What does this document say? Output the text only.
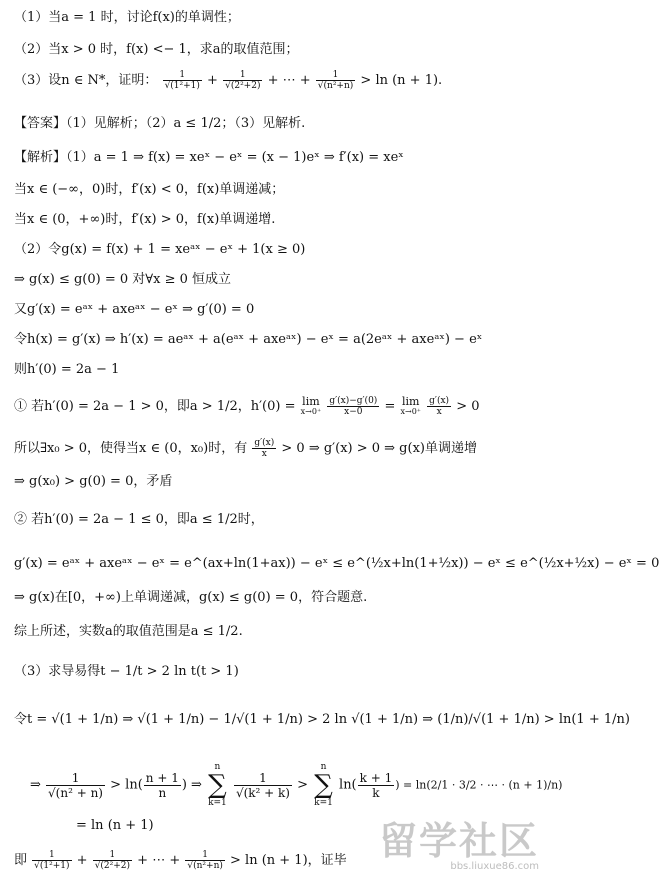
（1）当a = 1 时，讨论f(x)的单调性；
（2）当x > 0 时，f(x) <− 1，求a的取值范围；
（3）设n ∈ N*，证明： $\frac{1}{\text{√(1²+1)}} + \frac{1}{\text{√(2²+2)}}$ + ⋯ + $\frac{1}{\text{√(n²+n)}} > \ln (n + 1)$.
【答案】（1）见解析；（2）a ≤ 1/2；（3）见解析.
【解析】（1）a = 1 ⇒ f(x) = xeˣ − eˣ = (x − 1)eˣ ⇒ f′(x) = xeˣ
当x ∈ (−∞，0)时，f′(x) < 0，f(x)单调递减；
当x ∈ (0，+∞)时，f′(x) > 0，f(x)单调递增.
（2）令g(x) = f(x) + 1 = xeᵃˣ − eˣ + 1(x ≥ 0)
⇒ g(x) ≤ g(0) = 0 对∀x ≥ 0 恒成立
又g′(x) = eᵃˣ + axeᵃˣ − eˣ ⇒ g′(0) = 0
令h(x) = g′(x) ⇒ h′(x) = aeᵃˣ + a(eᵃˣ + axeᵃˣ) − eˣ = a(2eᵃˣ + axeᵃˣ) − eˣ
则h′(0) = 2a − 1
① 若h′(0) = 2a − 1 > 0，即a > 1/2，h′(0) = lim
x→0⁺
$\frac{g'(x)-g'(0)}{x-0} = \lim$
x→0⁺
$\frac{g'(x)}{x} > 0$
所以∃x₀ > 0，使得当x ∈ (0，x₀)时，有 $\frac{g'(x)}{x} > 0$ ⇒ g′(x) > 0 ⇒ g(x)单调递增
⇒ g(x₀) > g(0) = 0，矛盾
② 若h′(0) = 2a − 1 ≤ 0，即a ≤ 1/2时，
g′(x) = eᵃˣ + axeᵃˣ − eˣ = e^(ax+ln(1+ax)) − eˣ ≤ e^(½x+ln(1+½x)) − eˣ ≤ e^(½x+½x) − eˣ = 0
⇒ g(x)在[0，+∞)上单调递减，g(x) ≤ g(0) = 0，符合题意.
综上所述，实数a的取值范围是a ≤ 1/2.
（3）求导易得t − 1/t > 2 ln t(t > 1)
令t = √(1 + 1/n) ⇒ √(1 + 1/n) − 1/√(1 + 1/n) > 2 ln √(1 + 1/n) ⇒ (1/n)/√(1 + 1/n) > ln(1 + 1/n)
⇒ $\frac{1}{\text{√(n² + n)}} > \ln( \frac{n + 1}{n}$ ) ⇒
n
∑
k=1

$\frac{1}{\text{√(k² + k)}}$ >
n
∑
k=1
$\ln( \frac{k + 1}{k}$ ) = ln(2/1 · 3/2 · ⋯ · (n + 1)/n)
= ln (n + 1)
即 $\frac{1}{\text{√(1²+1)}} + \frac{1}{\text{√(2²+2)}}$ + ⋯ + $\frac{1}{\text{√(n²+n)}} > \ln (n + 1)$，证毕 留学社区
bbs.liuxue86.com
